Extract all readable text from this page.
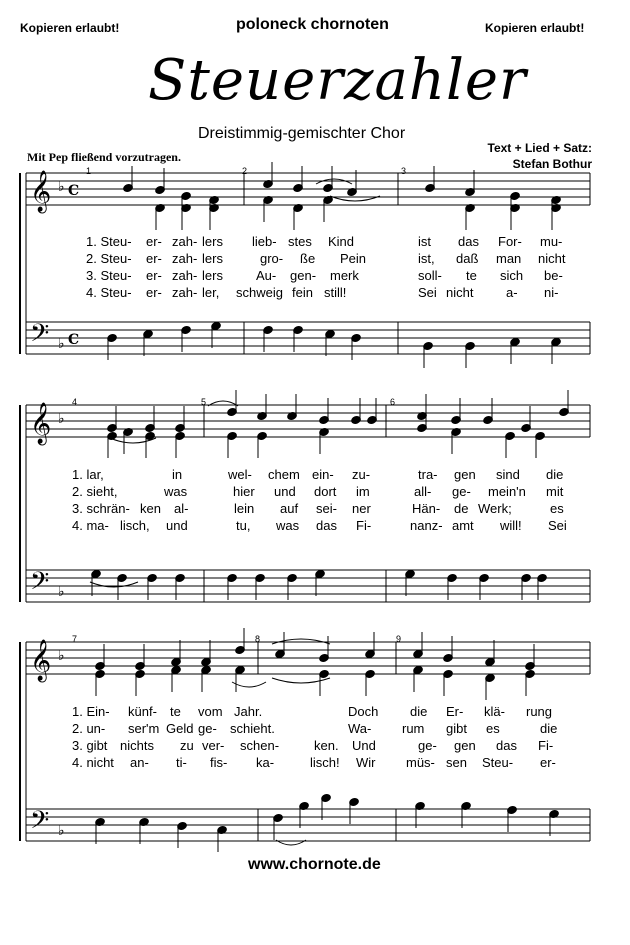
Kopieren erlaubt!	poloneck chornoten	Kopieren erlaubt!
Steuerzahler
Dreistimmig-gemischter Chor
Text + Lied + Satz:
Stefan Bothur
Mit Pep fließend vorzutragen.
𝄞
𝄢
♭
♭
C
C
𝄞
𝄢
♭
♭
𝄞
𝄢
♭
♭
1	2	3
4	5	6
7	8	9
1. Steu- er- zah- lers lieb- stes Kind	ist das For- mu-
2. Steu- er- zah- lers	gro- ße Pein	ist, daß man nicht
3. Steu- er- zah- lers	Au- gen- merk	soll- te sich be-
4. Steu- er- zah- ler, schweig fein still!	Sei nicht	a- ni-
1. lar,	in	wel- chem ein- zu-	tra- gen sind die
2. sieht,	was	hier und dort im	all- ge- mein'n mit
3. schrän- ken al-	lein auf sei- ner	Hän- de Werk;	es
4. ma- lisch, und	tu, was das Fi-	nanz- amt will! Sei
1. Ein- künf- te vom Jahr.	Doch die Er- klä- rung
2. un- ser'm Geld ge- schieht.	Wa- rum gibt es	die
3. gibt nichts zu ver- schen-	ken. Und	ge- gen das Fi-
4. nicht an- ti- fis- ka-	lisch! Wir müs- sen Steu- er-
www.chornote.de
